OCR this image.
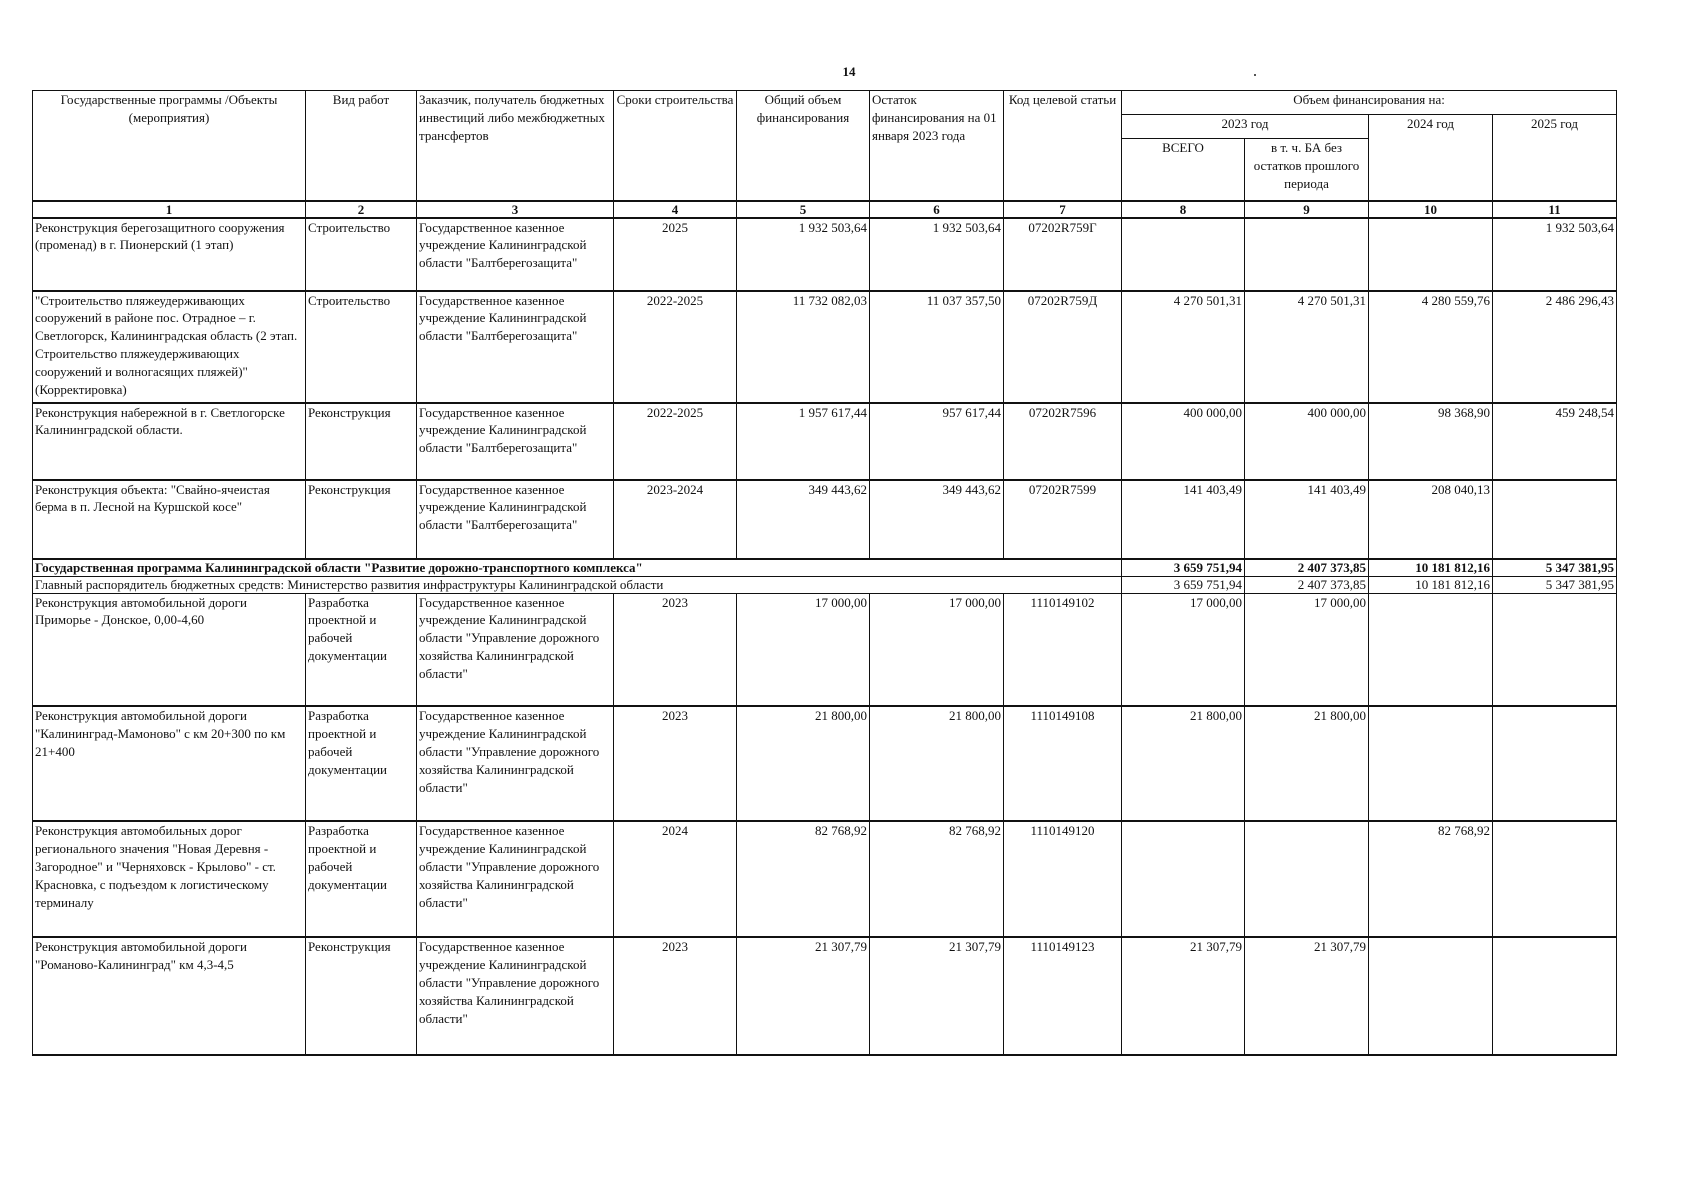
14
Государственные программы /Объекты (мероприятия)	Вид работ	Заказчик, получатель бюджетных инвестиций либо межбюджетных трансфертов	Сроки строительства	Общий объем финансирования	Остаток финансирования на 01 января 2023 года	Код целевой статьи	Объем финансирования на:			
							2023 год		2024 год	2025 год
							ВСЕГО	в т. ч. БА без остатков прошлого периода		
1	2	3	4	5	6	7	8	9	10	11
Реконструкция берегозащитного сооружения (променад) в г. Пионерский (1 этап)	Строительство	Государственное казенное учреждение Калининградской области "Балтберегозащита"	2025	1 932 503,64	1 932 503,64	07202R759Г				1 932 503,64
"Строительство пляжеудерживающих сооружений в районе пос. Отрадное – г. Светлогорск, Калининградская область (2 этап. Строительство пляжеудерживающих сооружений и волногасящих пляжей)"(Корректировка)	Строительство	Государственное казенное учреждение Калининградской области "Балтберегозащита"	2022-2025	11 732 082,03	11 037 357,50	07202R759Д	4 270 501,31	4 270 501,31	4 280 559,76	2 486 296,43
Реконструкция набережной в г. Светлогорске Калининградской области.	Реконструкция	Государственное казенное учреждение Калининградской области "Балтберегозащита"	2022-2025	1 957 617,44	957 617,44	07202R7596	400 000,00	400 000,00	98 368,90	459 248,54
Реконструкция объекта: "Свайно-ячеистая берма в п. Лесной на Куршской косе"	Реконструкция	Государственное казенное учреждение Калининградской области "Балтберегозащита"	2023-2024	349 443,62	349 443,62	07202R7599	141 403,49	141 403,49	208 040,13	
Государственная программа Калининградской области "Развитие дорожно-транспортного комплекса"							3 659 751,94	2 407 373,85	10 181 812,16	5 347 381,95
Главный распорядитель бюджетных средств: Министерство развития инфраструктуры Калининградской области							3 659 751,94	2 407 373,85	10 181 812,16	5 347 381,95
Реконструкция автомобильной дороги Приморье - Донское, 0,00-4,60	Разработка проектной и рабочей документации	Государственное казенное учреждение Калининградской области "Управление дорожного хозяйства Калининградской области"	2023	17 000,00	17 000,00	1110149102	17 000,00	17 000,00		
Реконструкция автомобильной дороги "Калининград-Мамоново" с км 20+300 по км 21+400	Разработка проектной и рабочей документации	Государственное казенное учреждение Калининградской области "Управление дорожного хозяйства Калининградской области"	2023	21 800,00	21 800,00	1110149108	21 800,00	21 800,00		
Реконструкция автомобильных дорог регионального значения "Новая Деревня - Загородное" и "Черняховск - Крылово" - ст. Красновка, с подъездом к логистическому терминалу	Разработка проектной и рабочей документации	Государственное казенное учреждение Калининградской области "Управление дорожного хозяйства Калининградской области"	2024	82 768,92	82 768,92	1110149120			82 768,92	
Реконструкция автомобильной дороги "Романово-Калининград" км 4,3-4,5	Реконструкция	Государственное казенное учреждение Калининградской области "Управление дорожного хозяйства Калининградской области"	2023	21 307,79	21 307,79	1110149123	21 307,79	21 307,79		
